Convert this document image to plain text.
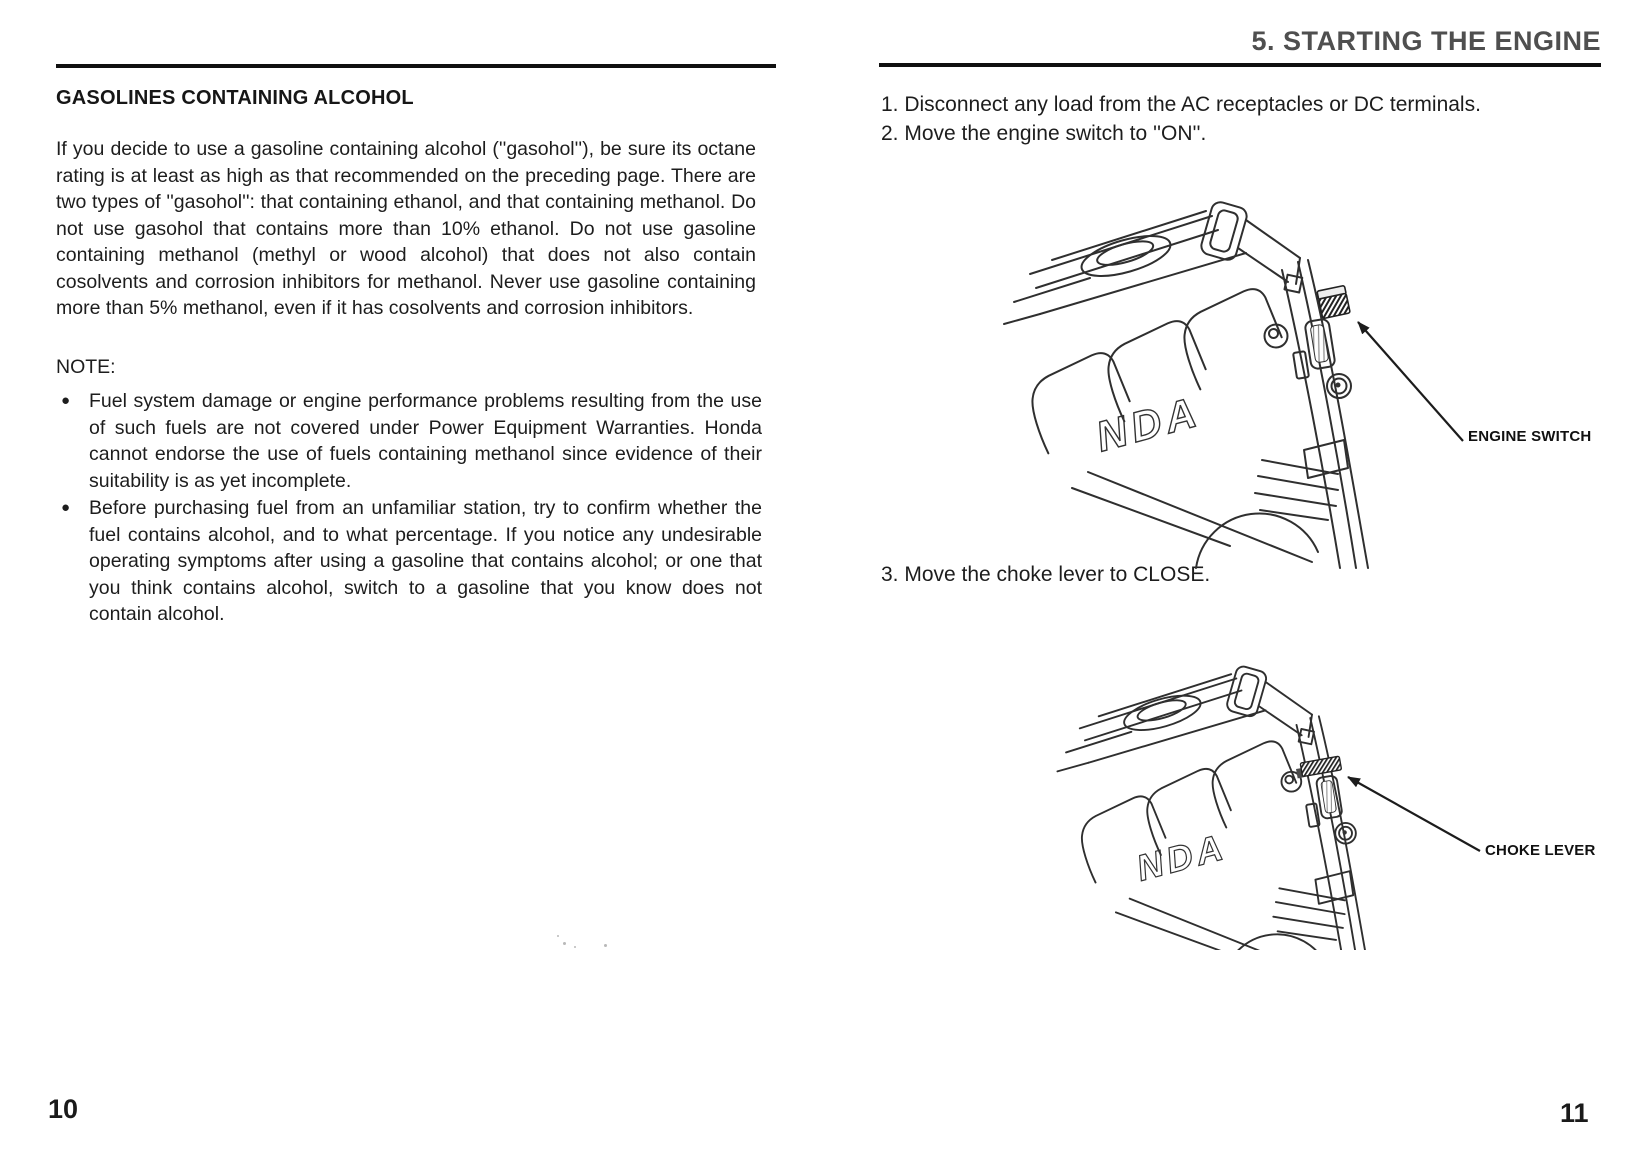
5. STARTING THE ENGINE
GASOLINES CONTAINING ALCOHOL
If you decide to use a gasoline containing alcohol (''gasohol''), be sure its octane rating is at least as high as that recommended on the preceding page. There are two types of ''gasohol'': that containing ethanol, and that containing methanol. Do not use gasohol that contains more than 10% ethanol. Do not use gasoline containing methanol (methyl or wood alcohol) that does not also contain cosolvents and corrosion inhibitors for methanol. Never use gasoline containing more than 5% methanol, even if it has cosolvents and corrosion inhibitors.
NOTE:
● Fuel system damage or engine performance problems resulting from the use of such fuels are not covered under Power Equipment Warranties. Honda cannot endorse the use of fuels containing methanol since evidence of their suitability is as yet incomplete.
● Before purchasing fuel from an unfamiliar station, try to confirm whether the fuel contains alcohol, and to what percentage. If you notice any undesirable operating symptoms after using a gasoline that contains alcohol; or one that you think contains alcohol, switch to a gasoline that you know does not contain alcohol.
1. Disconnect any load from the AC receptacles or DC terminals.
2. Move the engine switch to ''ON''.
3. Move the choke lever to CLOSE.
NDA	ENGINE SWITCH
NDA	CHOKE LEVER
10	11
